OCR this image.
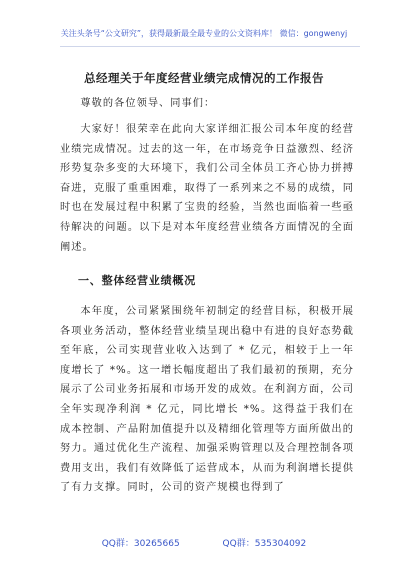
关注头条号“公文研究”，获得最新最全最专业的公文资料库！ 微信：gongwenyj
总经理关于年度经营业绩完成情况的工作报告
尊敬的各位领导、同事们：
大家好！很荣幸在此向大家详细汇报公司本年度的经营业绩完成情况。过去的这一年，在市场竞争日益激烈、经济形势复杂多变的大环境下，我们公司全体员工齐心协力拼搏奋进，克服了重重困难，取得了一系列来之不易的成绩，同时也在发展过程中积累了宝贵的经验，当然也面临着一些亟待解决的问题。以下是对本年度经营业绩各方面情况的全面阐述。
一、整体经营业绩概况
本年度，公司紧紧围绕年初制定的经营目标，积极开展各项业务活动，整体经营业绩呈现出稳中有进的良好态势截至年底，公司实现营业收入达到了 * 亿元，相较于上一年度增长了 *%。这一增长幅度超出了我们最初的预期，充分展示了公司业务拓展和市场开发的成效。在利润方面，公司全年实现净利润 * 亿元，同比增长 *%。这得益于我们在成本控制、产品附加值提升以及精细化管理等方面所做出的努力。通过优化生产流程、加强采购管理以及合理控制各项费用支出，我们有效降低了运营成本，从而为利润增长提供了有力支撑。同时，公司的资产规模也得到了
QQ群：30265665 QQ群：535304092
